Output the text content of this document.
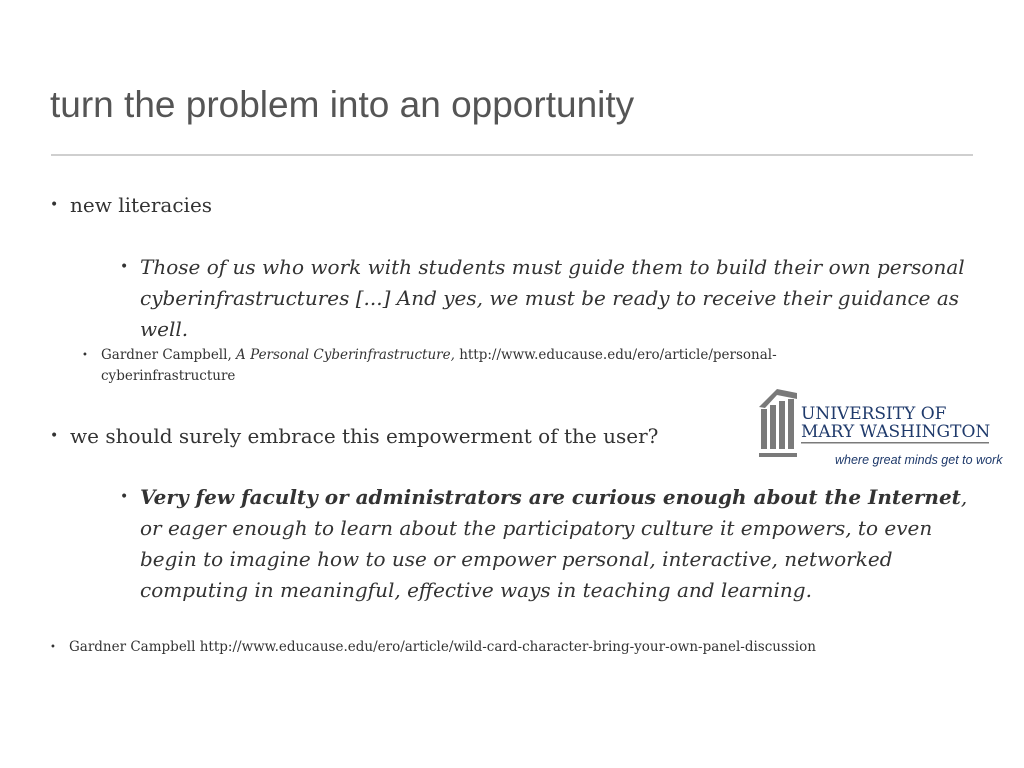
turn the problem into an opportunity
• new literacies
• Those of us who work with students must guide them to build their own personal cyberinfrastructures [...] And yes, we must be ready to receive their guidance as well.
• Gardner Campbell, A Personal Cyberinfrastructure, http://www.educause.edu/ero/article/personal-cyberinfrastructure
• we should surely embrace this empowerment of the user?
• Very few faculty or administrators are curious enough about the Internet, or eager enough to learn about the participatory culture it empowers, to even begin to imagine how to use or empower personal, interactive, networked computing in meaningful, effective ways in teaching and learning.
• Gardner Campbell http://www.educause.edu/ero/article/wild-card-character-bring-your-own-panel-discussion
UNIVERSITY OF
MARY WASHINGTON
where great minds get to work
